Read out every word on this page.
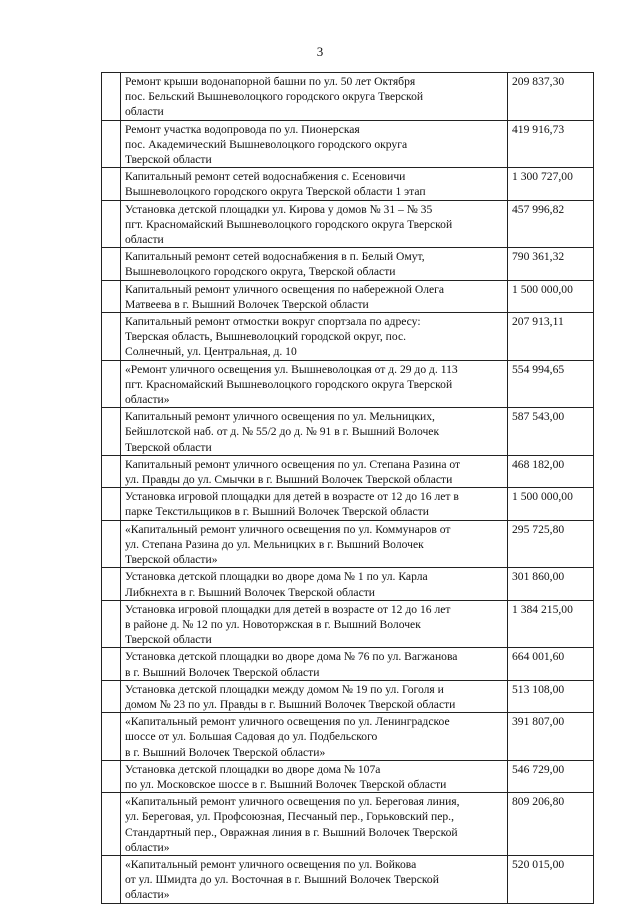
3

	Ремонт крыши водонапорной башни по ул. 50 лет Октября
пос. Бельский Вышневолоцкого городского округа Тверской
области	209 837,30

	Ремонт участка водопровода по ул. Пионерская
пос. Академический Вышневолоцкого городского округа
Тверской области	419 916,73

	Капитальный ремонт сетей водоснабжения с. Есеновичи
Вышневолоцкого городского округа Тверской области 1 этап	1 300 727,00

	Установка детской площадки ул. Кирова у домов № 31 – № 35
пгт. Красномайский Вышневолоцкого городского округа Тверской
области	457 996,82

	Капитальный ремонт сетей водоснабжения в п. Белый Омут,
Вышневолоцкого городского округа, Тверской области	790 361,32

	Капитальный ремонт уличного освещения по набережной Олега
Матвеева в г. Вышний Волочек Тверской области	1 500 000,00

	Капитальный ремонт отмостки вокруг спортзала по адресу:
Тверская область, Вышневолоцкий городской округ, пос.
Солнечный, ул. Центральная, д. 10	207 913,11

	«Ремонт уличного освещения ул. Вышневолоцкая от д. 29 до д. 113
пгт. Красномайский Вышневолоцкого городского округа Тверской
области»	554 994,65

	Капитальный ремонт уличного освещения по ул. Мельницких,
Бейшлотской наб. от д. № 55/2 до д. № 91 в г. Вышний Волочек
Тверской области	587 543,00

	Капитальный ремонт уличного освещения по ул. Степана Разина от
ул. Правды до ул. Смычки в г. Вышний Волочек Тверской области	468 182,00

	Установка игровой площадки для детей в возрасте от 12 до 16 лет в
парке Текстильщиков в г. Вышний Волочек Тверской области	1 500 000,00

	«Капитальный ремонт уличного освещения по ул. Коммунаров от
ул. Степана Разина до ул. Мельницких в г. Вышний Волочек
Тверской области»	295 725,80

	Установка детской площадки во дворе дома № 1 по ул. Карла
Либкнехта в г. Вышний Волочек Тверской области	301 860,00

	Установка игровой площадки для детей в возрасте от 12 до 16 лет
в районе д. № 12 по ул. Новоторжская в г. Вышний Волочек
Тверской области	1 384 215,00

	Установка детской площадки во дворе дома № 76 по ул. Вагжанова
в г. Вышний Волочек Тверской области	664 001,60

	Установка детской площадки между домом № 19 по ул. Гоголя и
домом № 23 по ул. Правды в г. Вышний Волочек Тверской области	513 108,00

	«Капитальный ремонт уличного освещения по ул. Ленинградское
шоссе от ул. Большая Садовая до ул. Подбельского
в г. Вышний Волочек Тверской области»	391 807,00

	Установка детской площадки во дворе дома № 107а
по ул. Московское шоссе в г. Вышний Волочек Тверской области	546 729,00

	«Капитальный ремонт уличного освещения по ул. Береговая линия,
ул. Береговая, ул. Профсоюзная, Песчаный пер., Горьковский пер.,
Стандартный пер., Овражная линия в г. Вышний Волочек Тверской
области»	809 206,80

	«Капитальный ремонт уличного освещения по ул. Войкова
от ул. Шмидта до ул. Восточная в г. Вышний Волочек Тверской
области»	520 015,00
